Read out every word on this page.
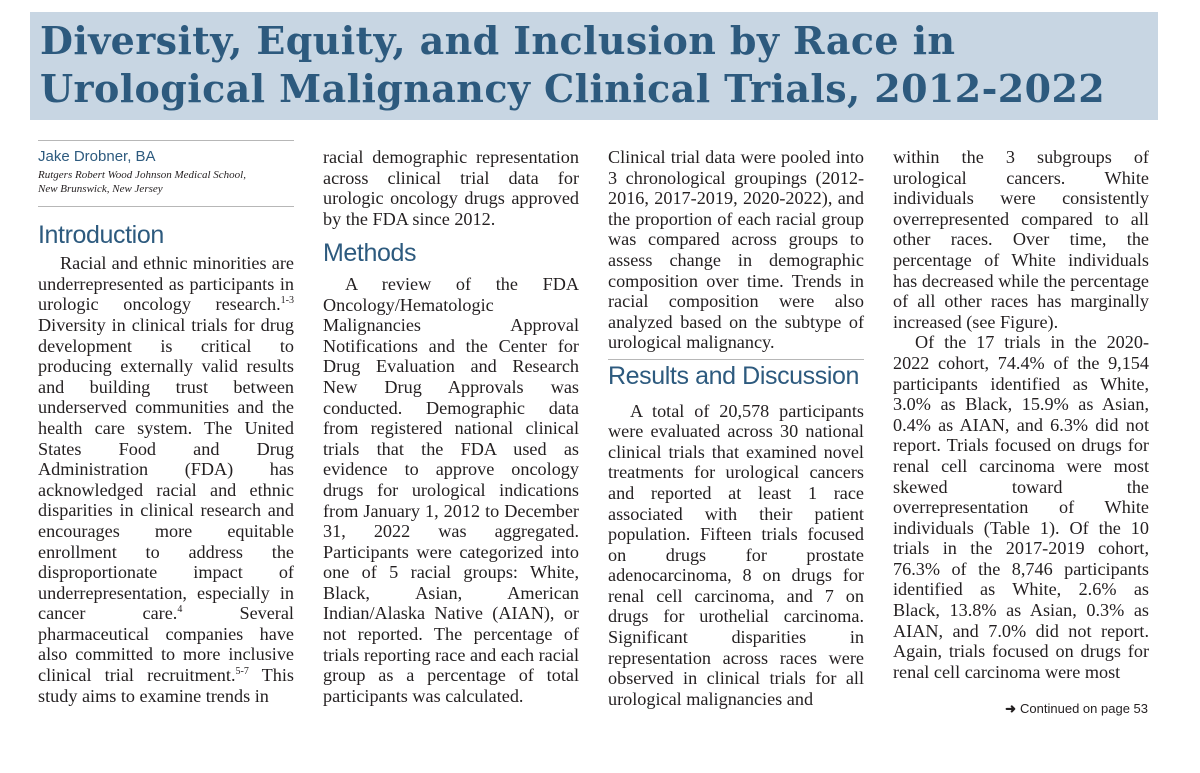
Diversity, Equity, and Inclusion by Race in
Urological Malignancy Clinical Trials, 2012-2022
Jake Drobner, BA
Rutgers Robert Wood Johnson Medical School,
New Brunswick, New Jersey
Introduction

Racial and ethnic minorities are underrepresented as participants in urologic oncology research.$^{1-3}$ Diversity in clinical trials for drug development is critical to producing externally valid results and building trust between underserved communities and the health care system. The United States Food and Drug Administration (FDA) has acknowledged racial and ethnic disparities in clinical research and encourages more equitable enrollment to address the disproportionate impact of underrepresentation, especially in cancer care.$^4$ Several pharmaceutical companies have also committed to more inclusive clinical trial recruitment.$^{5-7}$ This study aims to examine trends in

racial demographic representation across clinical trial data for urologic oncology drugs approved by the FDA since 2012.

Methods

A review of the FDA Oncology/Hematologic Malignancies Approval Notifications and the Center for Drug Evaluation and Research New Drug Approvals was conducted. Demographic data from registered national clinical trials that the FDA used as evidence to approve oncology drugs for urological indications from January 1, 2012 to December 31, 2022 was aggregated. Participants were categorized into one of 5 racial groups: White, Black, Asian, American Indian/Alaska Native (AIAN), or not reported. The percentage of trials reporting race and each racial group as a percentage of total participants was calculated.

Clinical trial data were pooled into 3 chronological groupings (2012-2016, 2017-2019, 2020-2022), and the proportion of each racial group was compared across groups to assess change in demographic composition over time. Trends in racial composition were also analyzed based on the subtype of urological malignancy.

Results and Discussion

A total of 20,578 participants were evaluated across 30 national clinical trials that examined novel treatments for urological cancers and reported at least 1 race associated with their patient population. Fifteen trials focused on drugs for prostate adenocarcinoma, 8 on drugs for renal cell carcinoma, and 7 on drugs for urothelial carcinoma. Significant disparities in representation across races were observed in clinical trials for all urological malignancies and

within the 3 subgroups of urological cancers. White individuals were consistently overrepresented compared to all other races. Over time, the percentage of White individuals has decreased while the percentage of all other races has marginally increased (see Figure).

Of the 17 trials in the 2020-2022 cohort, 74.4% of the 9,154 participants identified as White, 3.0% as Black, 15.9% as Asian, 0.4% as AIAN, and 6.3% did not report. Trials focused on drugs for renal cell carcinoma were most skewed toward the overrepresentation of White individuals (Table 1). Of the 10 trials in the 2017-2019 cohort, 76.3% of the 8,746 participants identified as White, 2.6% as Black, 13.8% as Asian, 0.3% as AIAN, and 7.0% did not report. Again, trials focused on drugs for renal cell carcinoma were most

➜ Continued on page 53
